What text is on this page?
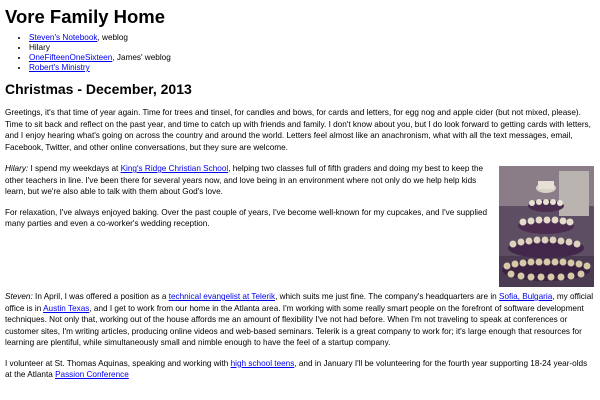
Vore Family Home
• Steven's Notebook, weblog
• Hilary
• OneFifteenOneSixteen, James' weblog
• Robert's Ministry
Christmas - December, 2013

Greetings, it's that time of year again. Time for trees and tinsel, for candles and bows, for cards and letters, for egg nog and apple cider (but not mixed, please). Time to sit back and reflect on the past year, and time to catch up with friends and family. I don't know about you, but I do look forward to getting cards with letters, and I enjoy hearing what's going on across the country and around the world. Letters feel almost like an anachronism, what with all the text messages, email, Facebook, Twitter, and other online conversations, but they sure are welcome.

Hilary: I spend my weekdays at King's Ridge Christian School, helping two classes full of fifth graders and doing my best to keep the other teachers in line. I've been there for several years now, and love being in an environment where not only do we help help kids learn, but we're also able to talk with them about God's love.

For relaxation, I've always enjoyed baking. Over the past couple of years, I've become well-known for my cupcakes, and I've supplied many parties and even a co-worker's wedding reception.

Steven: In April, I was offered a position as a technical evangelist at Telerik, which suits me just fine. The company's headquarters are in Sofia, Bulgaria, my official office is in Austin Texas, and I get to work from our home in the Atlanta area. I'm working with some really smart people on the forefront of software development techniques. Not only that, working out of the house affords me an amount of flexibility I've not had before. When I'm not traveling to speak at conferences or customer sites, I'm writing articles, producing online videos and web-based seminars. Telerik is a great company to work for; it's large enough that resources for learning are plentiful, while simultaneously small and nimble enough to have the feel of a startup company.

I volunteer at St. Thomas Aquinas, speaking and working with high school teens, and in January I'll be volunteering for the fourth year supporting 18-24 year-olds at the Atlanta Passion Conference
